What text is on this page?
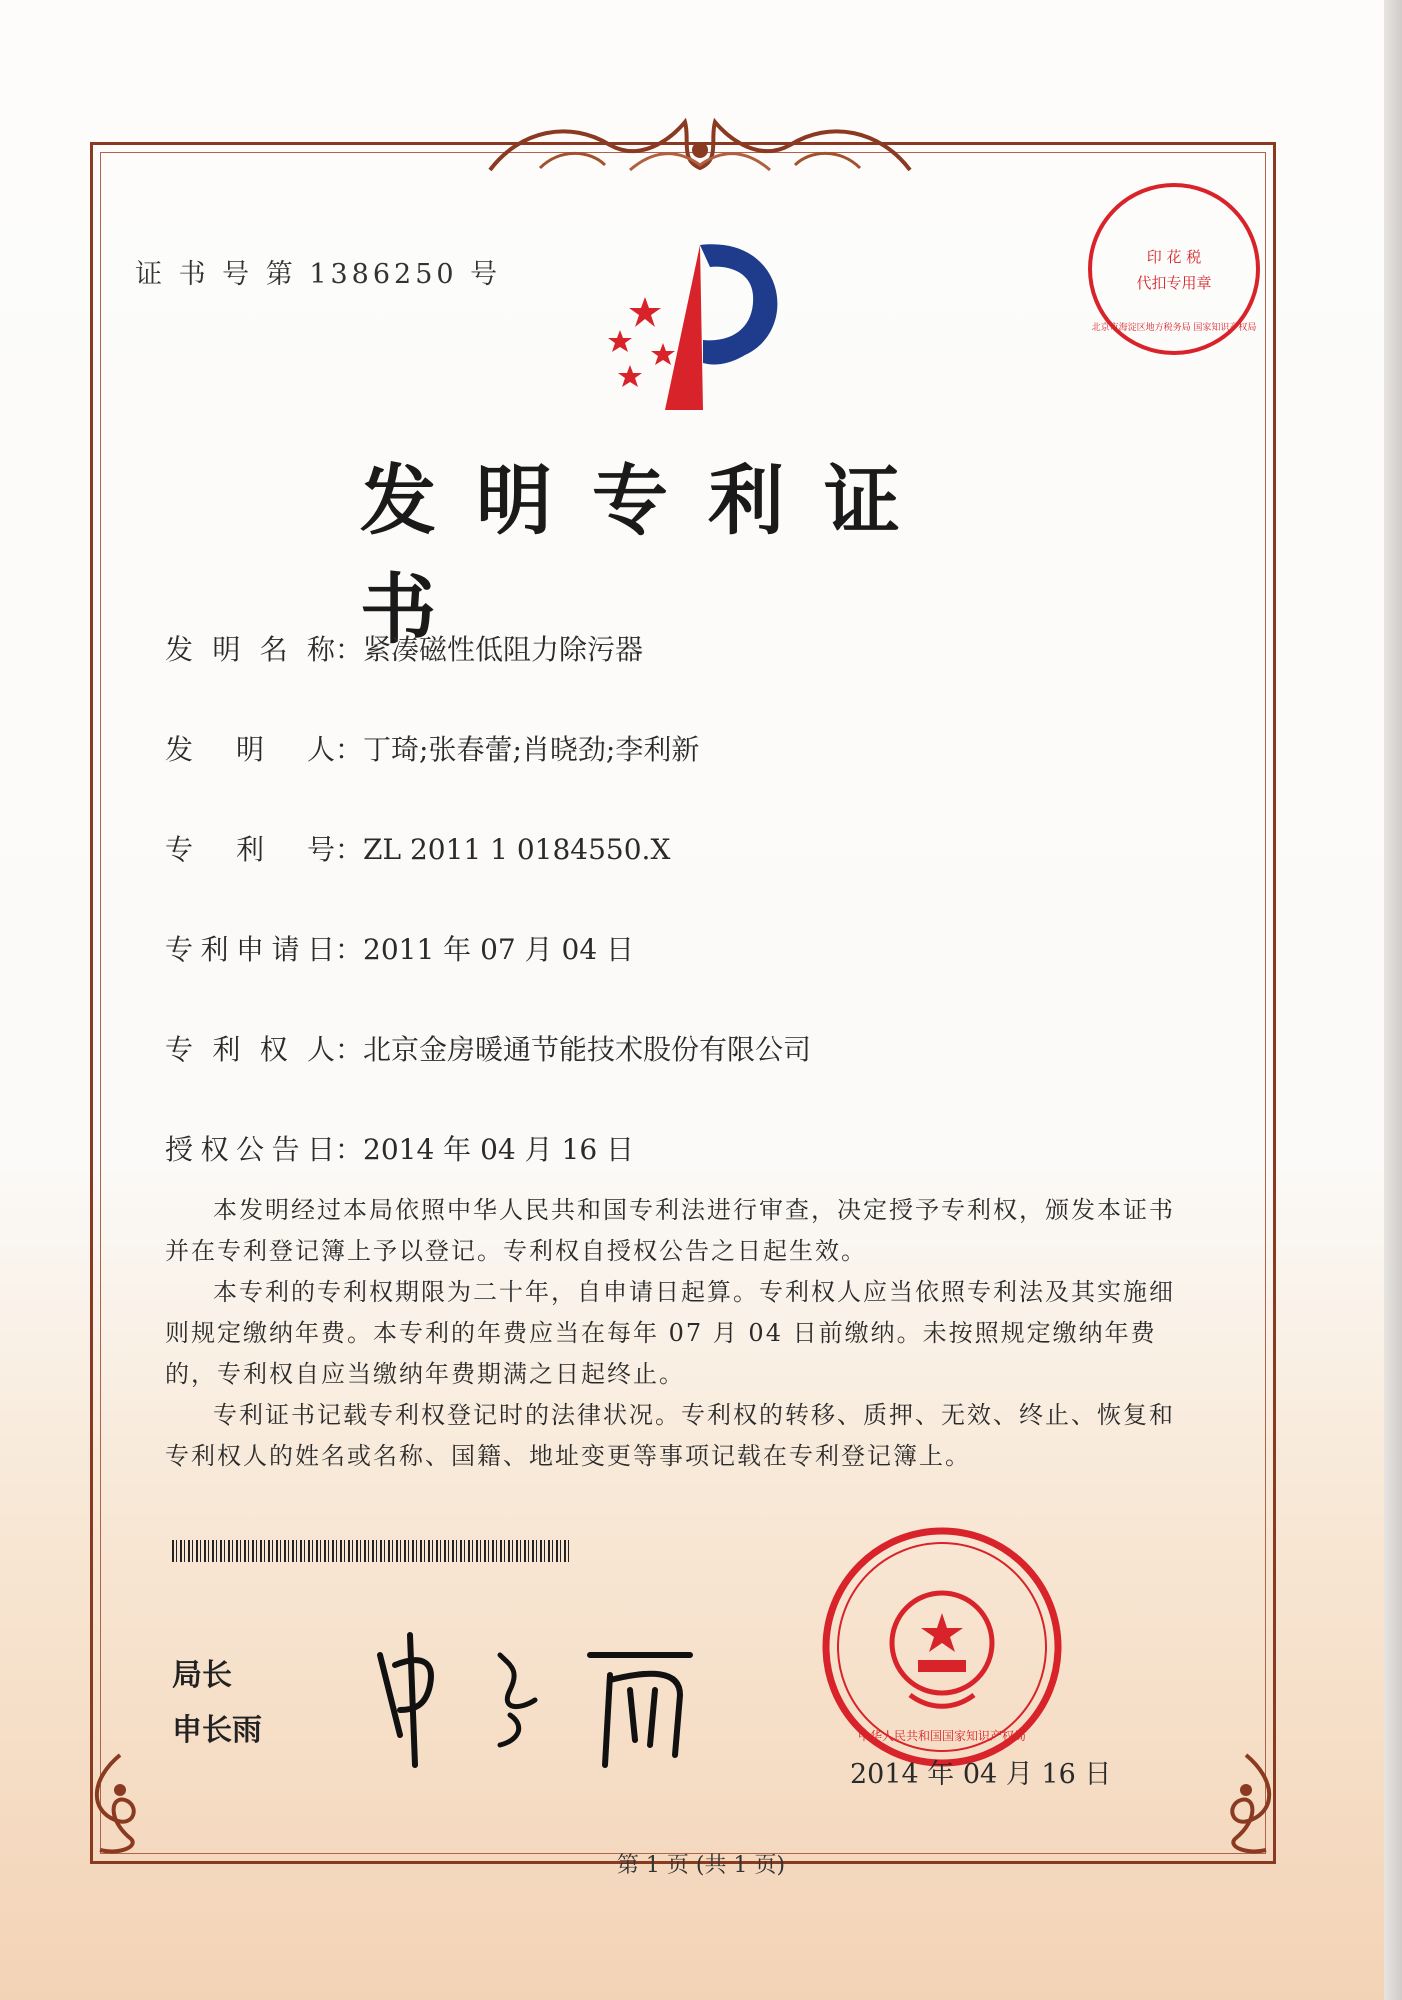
印 花 税
代扣专用章
北京市海淀区地方税务局 国家知识产权局
证 书 号 第 1386250 号
发明专利证书
发明名称：紧凑磁性低阻力除污器
发明人：丁琦;张春蕾;肖晓劲;李利新
专利号：ZL 2011 1 0184550.X
专利申请日：2011 年 07 月 04 日
专利权人：北京金房暖通节能技术股份有限公司
授权公告日：2014 年 04 月 16 日

本发明经过本局依照中华人民共和国专利法进行审查，决定授予专利权，颁发本证书并在专利登记簿上予以登记。专利权自授权公告之日起生效。

本专利的专利权期限为二十年，自申请日起算。专利权人应当依照专利法及其实施细则规定缴纳年费。本专利的年费应当在每年 07 月 04 日前缴纳。未按照规定缴纳年费的，专利权自应当缴纳年费期满之日起终止。

专利证书记载专利权登记时的法律状况。专利权的转移、质押、无效、终止、恢复和专利权人的姓名或名称、国籍、地址变更等事项记载在专利登记簿上。

局长
申长雨	中华人民共和国国家知识产权局
2014 年 04 月 16 日
第 1 页 (共 1 页)
